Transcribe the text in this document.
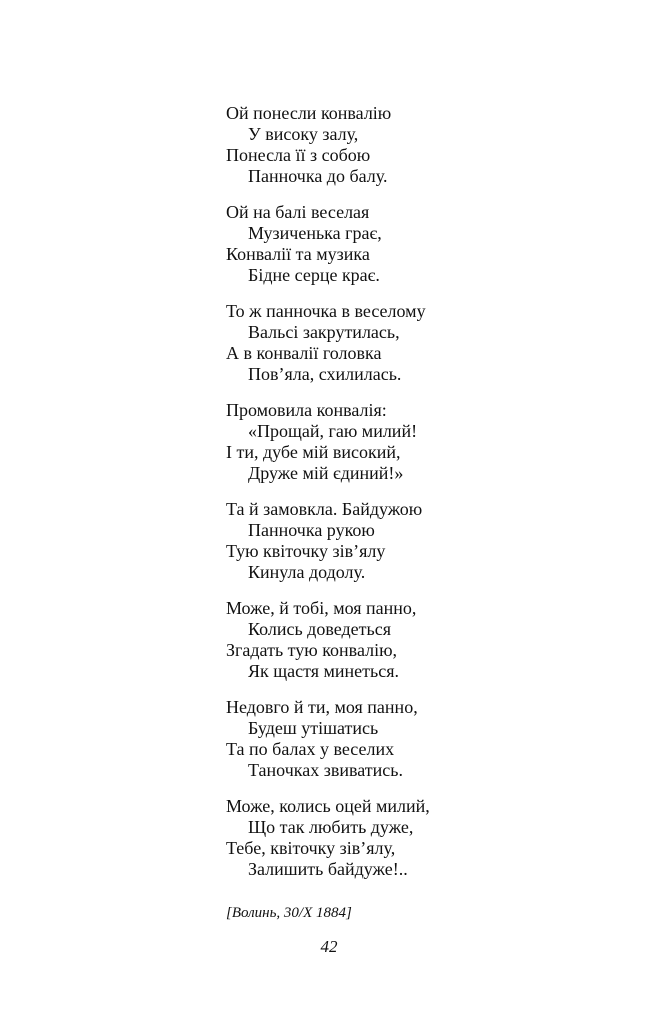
Ой понесли конвалію
У високу залу,
Понесла її з собою
Панночка до балу.
Ой на балі веселая
Музиченька грає,
Конвалії та музика
Бідне серце крає.
То ж панночка в веселому
Вальсі закрутилась,
А в конвалії головка
Пов’яла, схилилась.
Промовила конвалія:
«Прощай, гаю милий!
І ти, дубе мій високий,
Друже мій єдиний!»
Та й замовкла. Байдужою
Панночка рукою
Тую квіточку зів’ялу
Кинула додолу.
Може, й тобі, моя панно,
Колись доведеться
Згадать тую конвалію,
Як щастя минеться.
Недовго й ти, моя панно,
Будеш утішатись
Та по балах у веселих
Таночках звиватись.
Може, колись оцей милий,
Що так любить дуже,
Тебе, квіточку зів’ялу,
Залишить байдуже!..
[Волинь, 30/X 1884]
42
